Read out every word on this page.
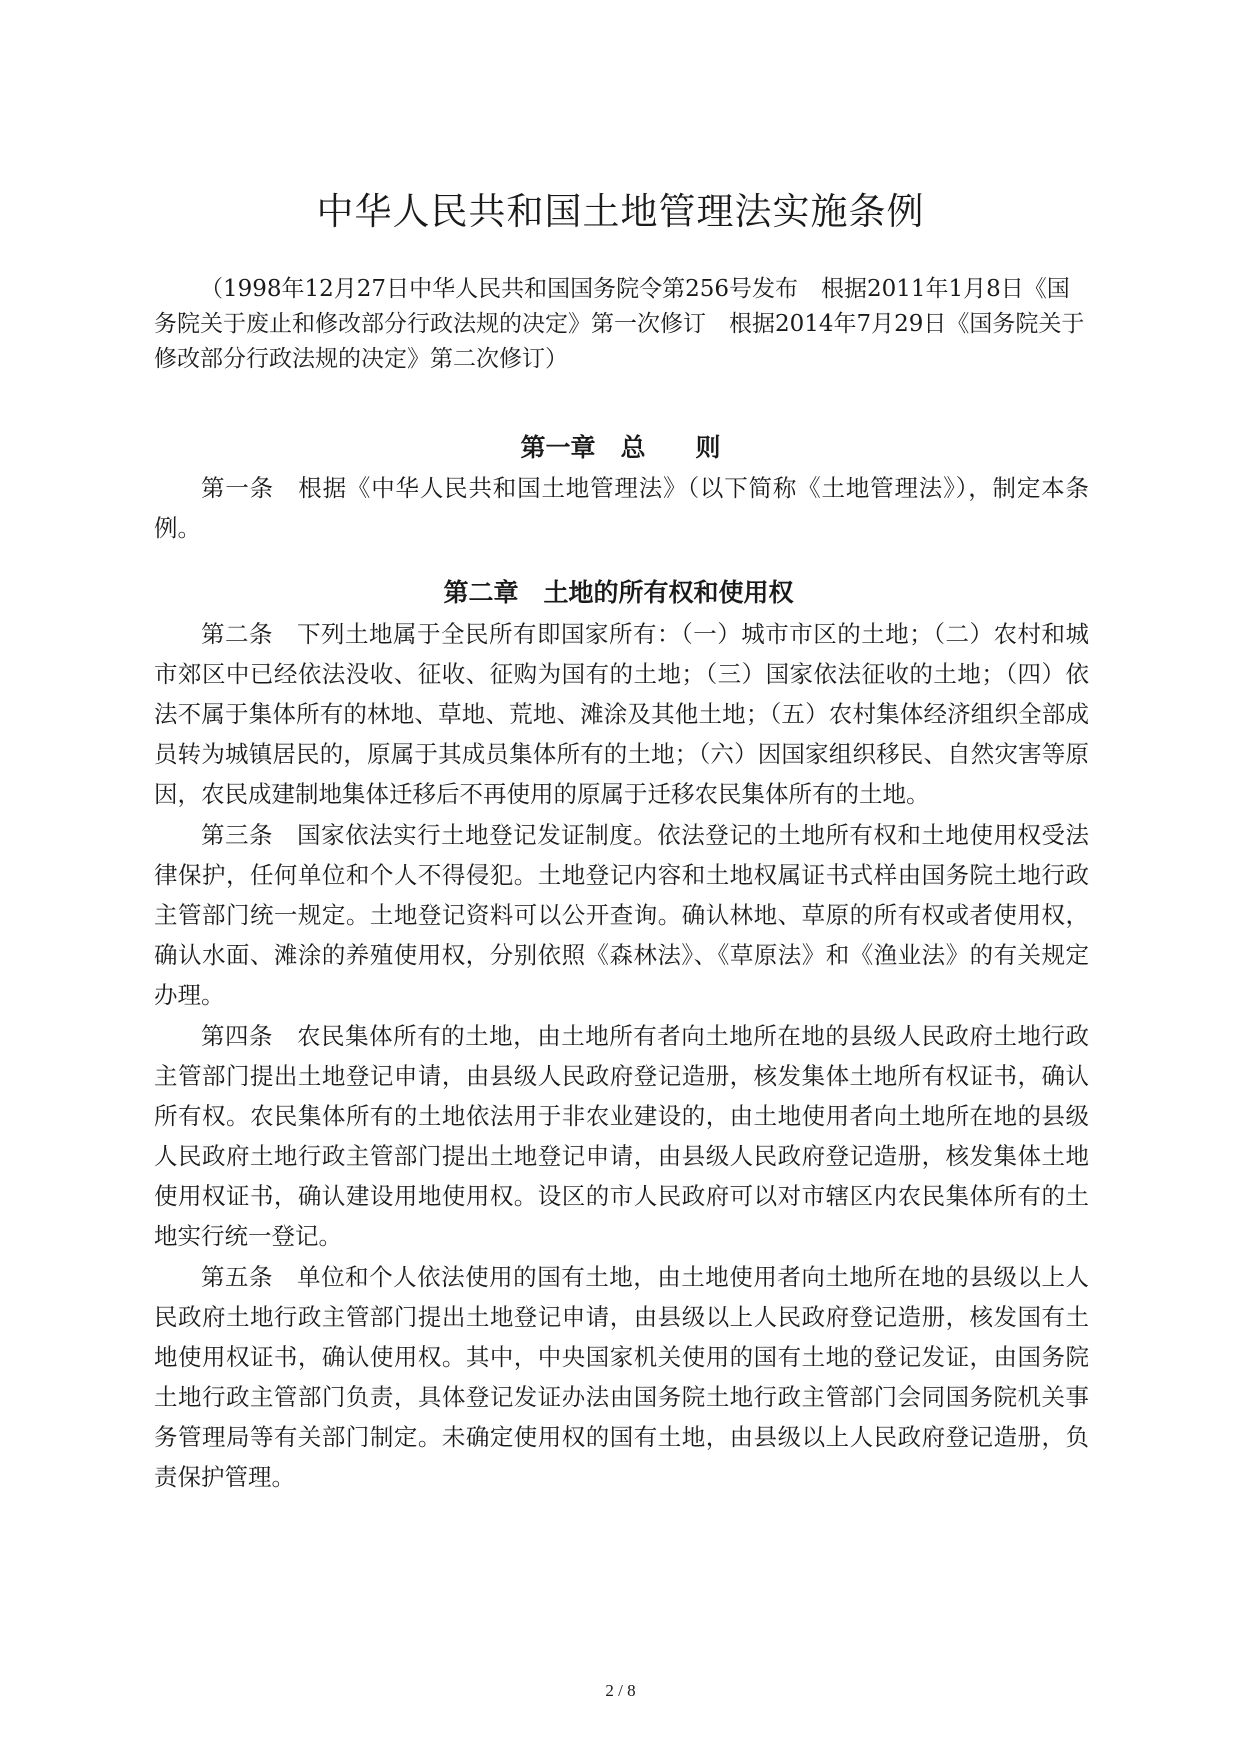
中华人民共和国土地管理法实施条例

（1998年12月27日中华人民共和国国务院令第256号发布　根据2011年1月8日《国务院关于废止和修改部分行政法规的决定》第一次修订　根据2014年7月29日《国务院关于修改部分行政法规的决定》第二次修订）

第一章　总　　则

第一条　根据《中华人民共和国土地管理法》（以下简称《土地管理法》），制定本条例。

第二章　土地的所有权和使用权

第二条　下列土地属于全民所有即国家所有：（一）城市市区的土地；（二）农村和城市郊区中已经依法没收、征收、征购为国有的土地；（三）国家依法征收的土地；（四）依法不属于集体所有的林地、草地、荒地、滩涂及其他土地；（五）农村集体经济组织全部成员转为城镇居民的，原属于其成员集体所有的土地；（六）因国家组织移民、自然灾害等原因，农民成建制地集体迁移后不再使用的原属于迁移农民集体所有的土地。

第三条　国家依法实行土地登记发证制度。依法登记的土地所有权和土地使用权受法律保护，任何单位和个人不得侵犯。土地登记内容和土地权属证书式样由国务院土地行政主管部门统一规定。土地登记资料可以公开查询。确认林地、草原的所有权或者使用权，确认水面、滩涂的养殖使用权，分别依照《森林法》、《草原法》和《渔业法》的有关规定办理。

第四条　农民集体所有的土地，由土地所有者向土地所在地的县级人民政府土地行政主管部门提出土地登记申请，由县级人民政府登记造册，核发集体土地所有权证书，确认所有权。农民集体所有的土地依法用于非农业建设的，由土地使用者向土地所在地的县级人民政府土地行政主管部门提出土地登记申请，由县级人民政府登记造册，核发集体土地使用权证书，确认建设用地使用权。设区的市人民政府可以对市辖区内农民集体所有的土地实行统一登记。

第五条　单位和个人依法使用的国有土地，由土地使用者向土地所在地的县级以上人民政府土地行政主管部门提出土地登记申请，由县级以上人民政府登记造册，核发国有土地使用权证书，确认使用权。其中，中央国家机关使用的国有土地的登记发证，由国务院土地行政主管部门负责，具体登记发证办法由国务院土地行政主管部门会同国务院机关事务管理局等有关部门制定。未确定使用权的国有土地，由县级以上人民政府登记造册，负责保护管理。

2 / 8
